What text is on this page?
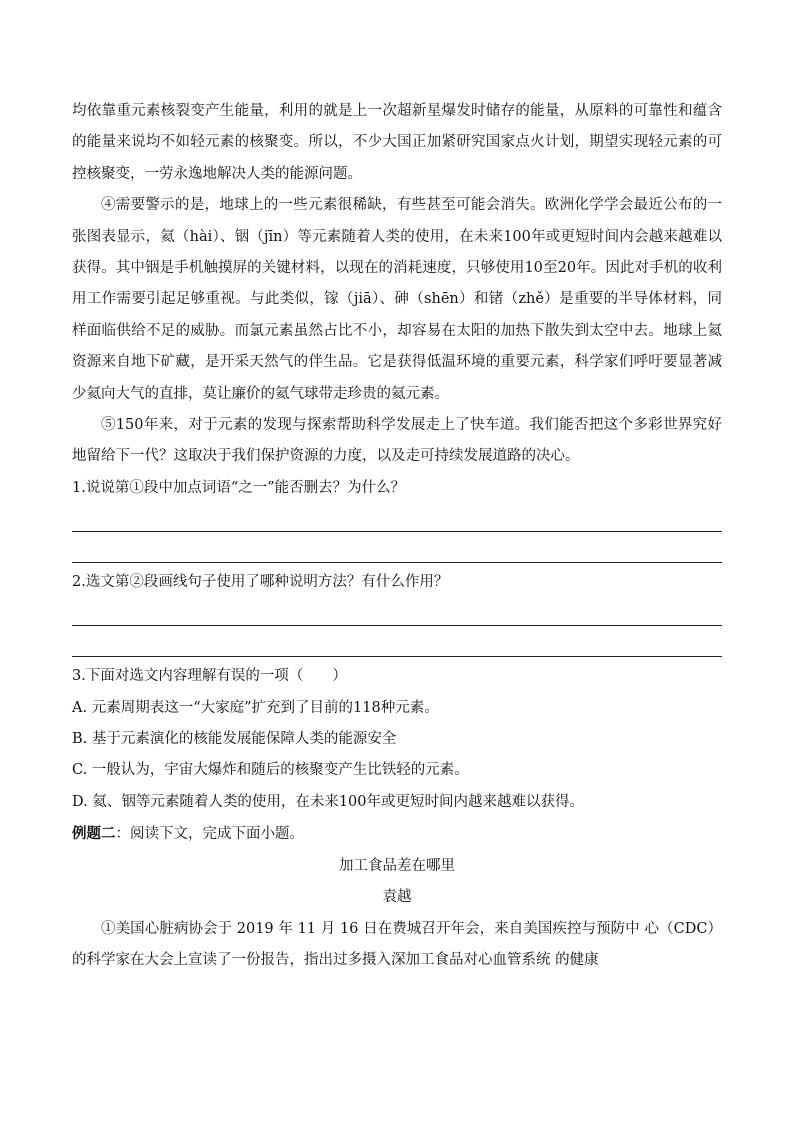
均依靠重元素核裂变产生能量，利用的就是上一次超新星爆发时储存的能量，从原料的可靠性和蕴含的能量来说均不如轻元素的核聚变。所以，不少大国正加紧研究国家点火计划，期望实现轻元素的可控核聚变，一劳永逸地解决人类的能源问题。

④需要警示的是，地球上的一些元素很稀缺，有些甚至可能会消失。欧洲化学学会最近公布的一张图表显示，氦（hài）、铟（jīn）等元素随着人类的使用，在未来100年或更短时间内会越来越难以获得。其中铟是手机触摸屏的关键材料，以现在的消耗速度，只够使用10至20年。因此对手机的收利用工作需要引起足够重视。与此类似，镓（jiā）、砷（shēn）和锗（zhě）是重要的半导体材料，同样面临供给不足的威胁。而氯元素虽然占比不小，却容易在太阳的加热下散失到太空中去。地球上氦资源来自地下矿藏，是开采天然气的伴生品。它是获得低温环境的重要元素，科学家们呼吁要显著减少氦向大气的直排，莫让廉价的氦气球带走珍贵的氦元素。

⑤150年来，对于元素的发现与探索帮助科学发展走上了快车道。我们能否把这个多彩世界究好地留给下一代？这取决于我们保护资源的力度，以及走可持续发展道路的决心。

1.说说第①段中加点词语“之一”能否删去？为什么？

2.选文第②段画线句子使用了哪种说明方法？有什么作用？

3.下面对选文内容理解有误的一项（　　）

A. 元素周期表这一“大家庭”扩充到了目前的118种元素。

B. 基于元素演化的核能发展能保障人类的能源安全

C. 一般认为，宇宙大爆炸和随后的核聚变产生比铁轻的元素。

D. 氦、铟等元素随着人类的使用，在未来100年或更短时间内越来越难以获得。

例题二：阅读下文，完成下面小题。

加工食品差在哪里

袁越

①美国心脏病协会于 2019 年 11 月 16 日在费城召开年会，来自美国疾控与预防中 心（CDC）的科学家在大会上宣读了一份报告，指出过多摄入深加工食品对心血管系统 的健康
